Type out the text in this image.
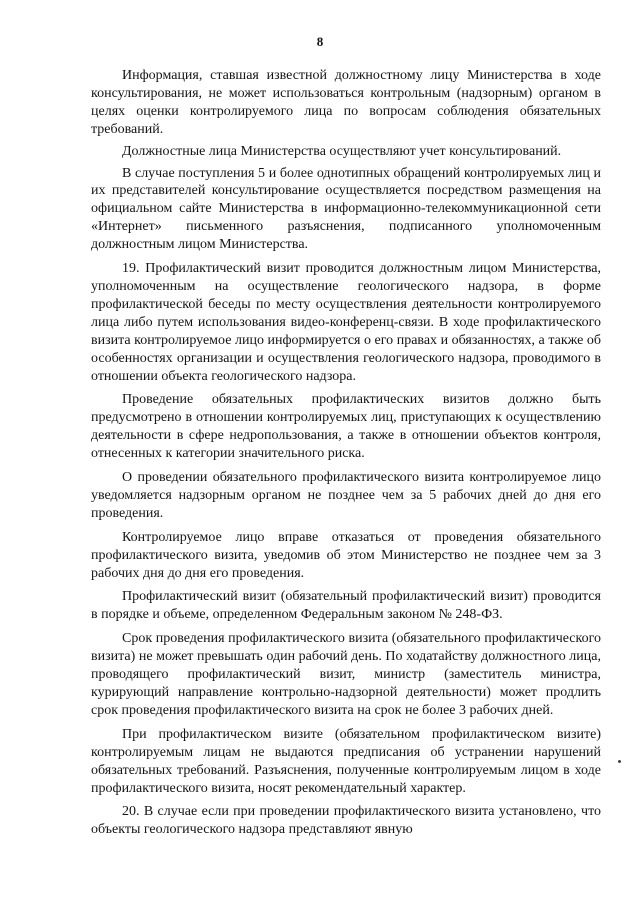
8

Информация, ставшая известной должностному лицу Министерства в ходе консультирования, не может использоваться контрольным (надзорным) органом в целях оценки контролируемого лица по вопросам соблюдения обязательных требований.

Должностные лица Министерства осуществляют учет консультирований.

В случае поступления 5 и более однотипных обращений контролируемых лиц и их представителей консультирование осуществляется посредством размещения на официальном сайте Министерства в информационно-телекоммуникационной сети «Интернет» письменного разъяснения, подписанного уполномоченным должностным лицом Министерства.

19. Профилактический визит проводится должностным лицом Министерства, уполномоченным на осуществление геологического надзора, в форме профилактической беседы по месту осуществления деятельности контролируемого лица либо путем использования видео-конференц-связи. В ходе профилактического визита контролируемое лицо информируется о его правах и обязанностях, а также об особенностях организации и осуществления геологического надзора, проводимого в отношении объекта геологического надзора.

Проведение обязательных профилактических визитов должно быть предусмотрено в отношении контролируемых лиц, приступающих к осуществлению деятельности в сфере недропользования, а также в отношении объектов контроля, отнесенных к категории значительного риска.

О проведении обязательного профилактического визита контролируемое лицо уведомляется надзорным органом не позднее чем за 5 рабочих дней до дня его проведения.

Контролируемое лицо вправе отказаться от проведения обязательного профилактического визита, уведомив об этом Министерство не позднее чем за 3 рабочих дня до дня его проведения.

Профилактический визит (обязательный профилактический визит) проводится в порядке и объеме, определенном Федеральным законом № 248-ФЗ.

Срок проведения профилактического визита (обязательного профилактического визита) не может превышать один рабочий день. По ходатайству должностного лица, проводящего профилактический визит, министр (заместитель министра, курирующий направление контрольно-надзорной деятельности) может продлить срок проведения профилактического визита на срок не более 3 рабочих дней.

При профилактическом визите (обязательном профилактическом визите) контролируемым лицам не выдаются предписания об устранении нарушений обязательных требований. Разъяснения, полученные контролируемым лицом в ходе профилактического визита, носят рекомендательный характер.

20. В случае если при проведении профилактического визита установлено, что объекты геологического надзора представляют явную
